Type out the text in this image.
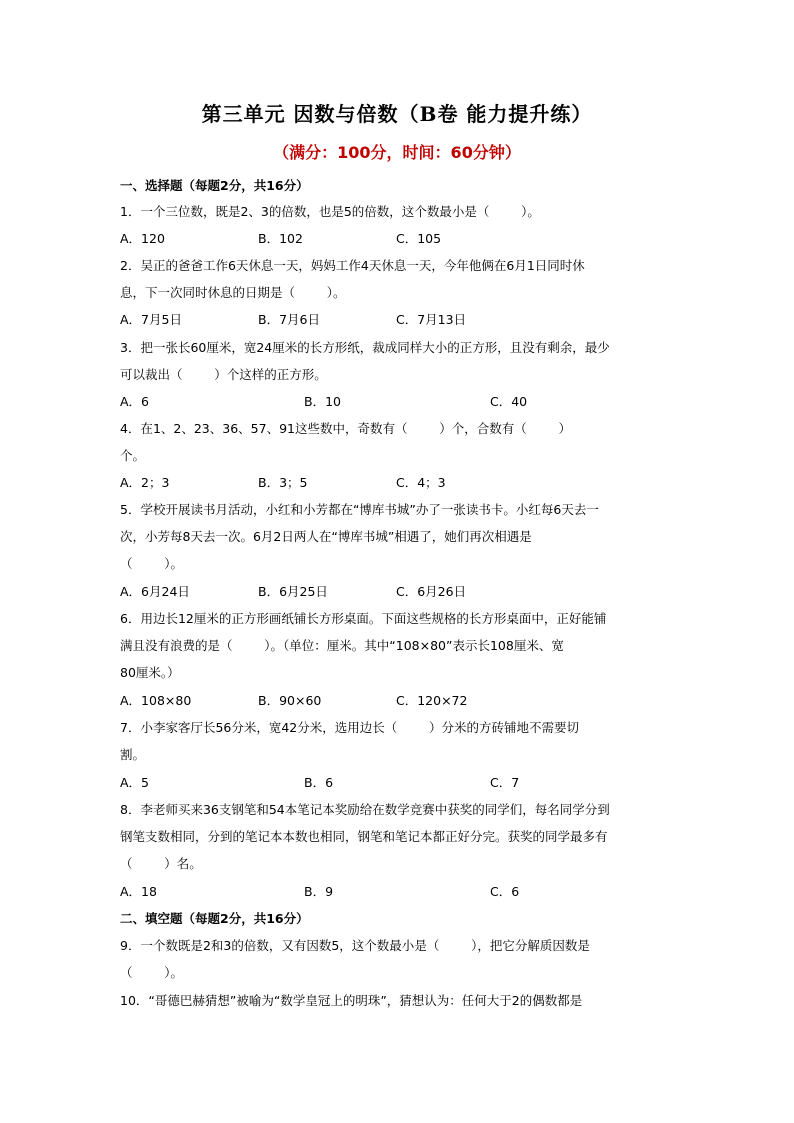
第三单元 因数与倍数（B卷 能力提升练）
（满分：100分，时间：60分钟）
一、选择题（每题2分，共16分）
1．一个三位数，既是2、3的倍数，也是5的倍数，这个数最小是（        ）。
A．120	B．102	C．105
2．吴正的爸爸工作6天休息一天，妈妈工作4天休息一天，今年他俩在6月1日同时休
息，下一次同时休息的日期是（        ）。
A．7月5日	B．7月6日	C．7月13日
3．把一张长60厘米，宽24厘米的长方形纸，裁成同样大小的正方形，且没有剩余，最少
可以裁出（        ）个这样的正方形。
A．6	B．10	C．40
4．在1、2、23、36、57、91这些数中，奇数有（        ）个，合数有（        ）
个。
A．2；3	B．3；5	C．4；3
5．学校开展读书月活动，小红和小芳都在“博库书城”办了一张读书卡。小红每6天去一
次，小芳每8天去一次。6月2日两人在“博库书城”相遇了，她们再次相遇是
（        ）。
A．6月24日	B．6月25日	C．6月26日
6．用边长12厘米的正方形画纸铺长方形桌面。下面这些规格的长方形桌面中，正好能铺
满且没有浪费的是（        ）。（单位：厘米。其中“108×80”表示长108厘米、宽
80厘米。）
A．108×80	B．90×60	C．120×72
7．小李家客厅长56分米，宽42分米，选用边长（        ）分米的方砖铺地不需要切
割。
A．5	B．6	C．7
8．李老师买来36支钢笔和54本笔记本奖励给在数学竞赛中获奖的同学们，每名同学分到
钢笔支数相同，分到的笔记本本数也相同，钢笔和笔记本都正好分完。获奖的同学最多有
（        ）名。
A．18	B．9	C．6
二、填空题（每题2分，共16分）
9．一个数既是2和3的倍数，又有因数5，这个数最小是（        ），把它分解质因数是
（        ）。
10．“哥德巴赫猜想”被喻为“数学皇冠上的明珠”，猜想认为：任何大于2的偶数都是
